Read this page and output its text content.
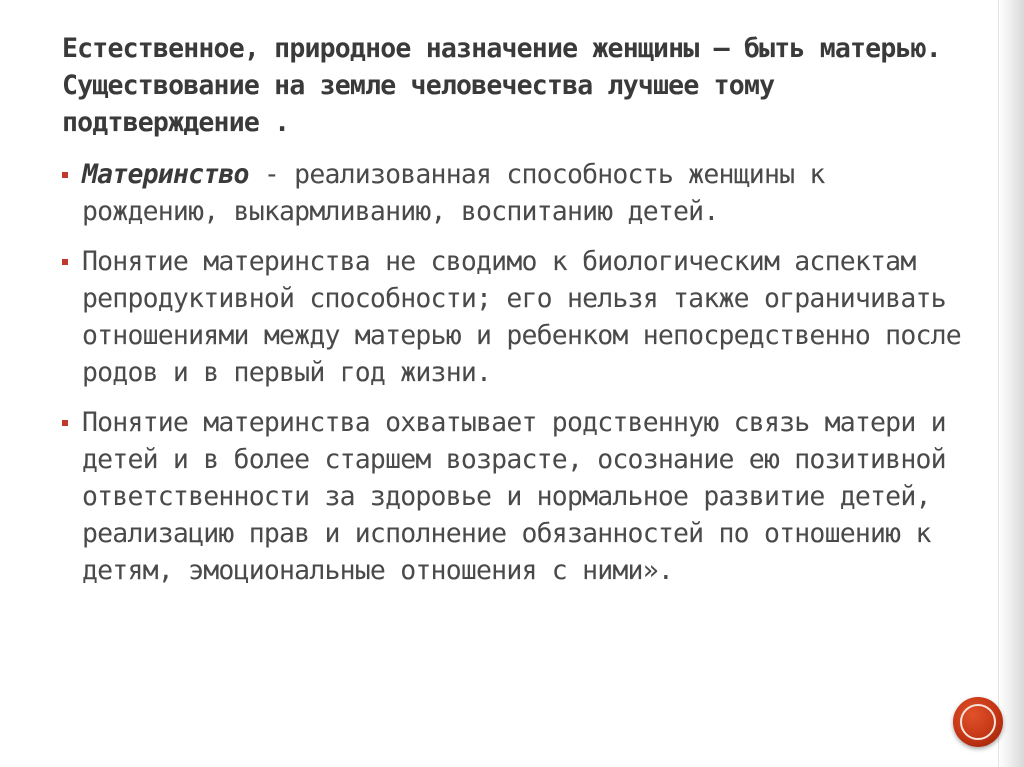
Естественное, природное назначение женщины – быть матерью. Существование на земле человечества лучшее тому подтверждение .

Материнство - реализованная способность женщины к рождению, выкармливанию, воспитанию детей.
Понятие материнства не сводимо к биологическим аспектам репродуктивной способности; его нельзя также ограничивать отношениями между матерью и ребенком непосредственно после родов и в первый год жизни.
Понятие материнства охватывает родственную связь матери и детей и в более старшем возрасте, осознание ею позитивной ответственности за здоровье и нормальное развитие детей, реализацию прав и исполнение обязанностей по отношению к детям, эмоциональные отношения с ними».
